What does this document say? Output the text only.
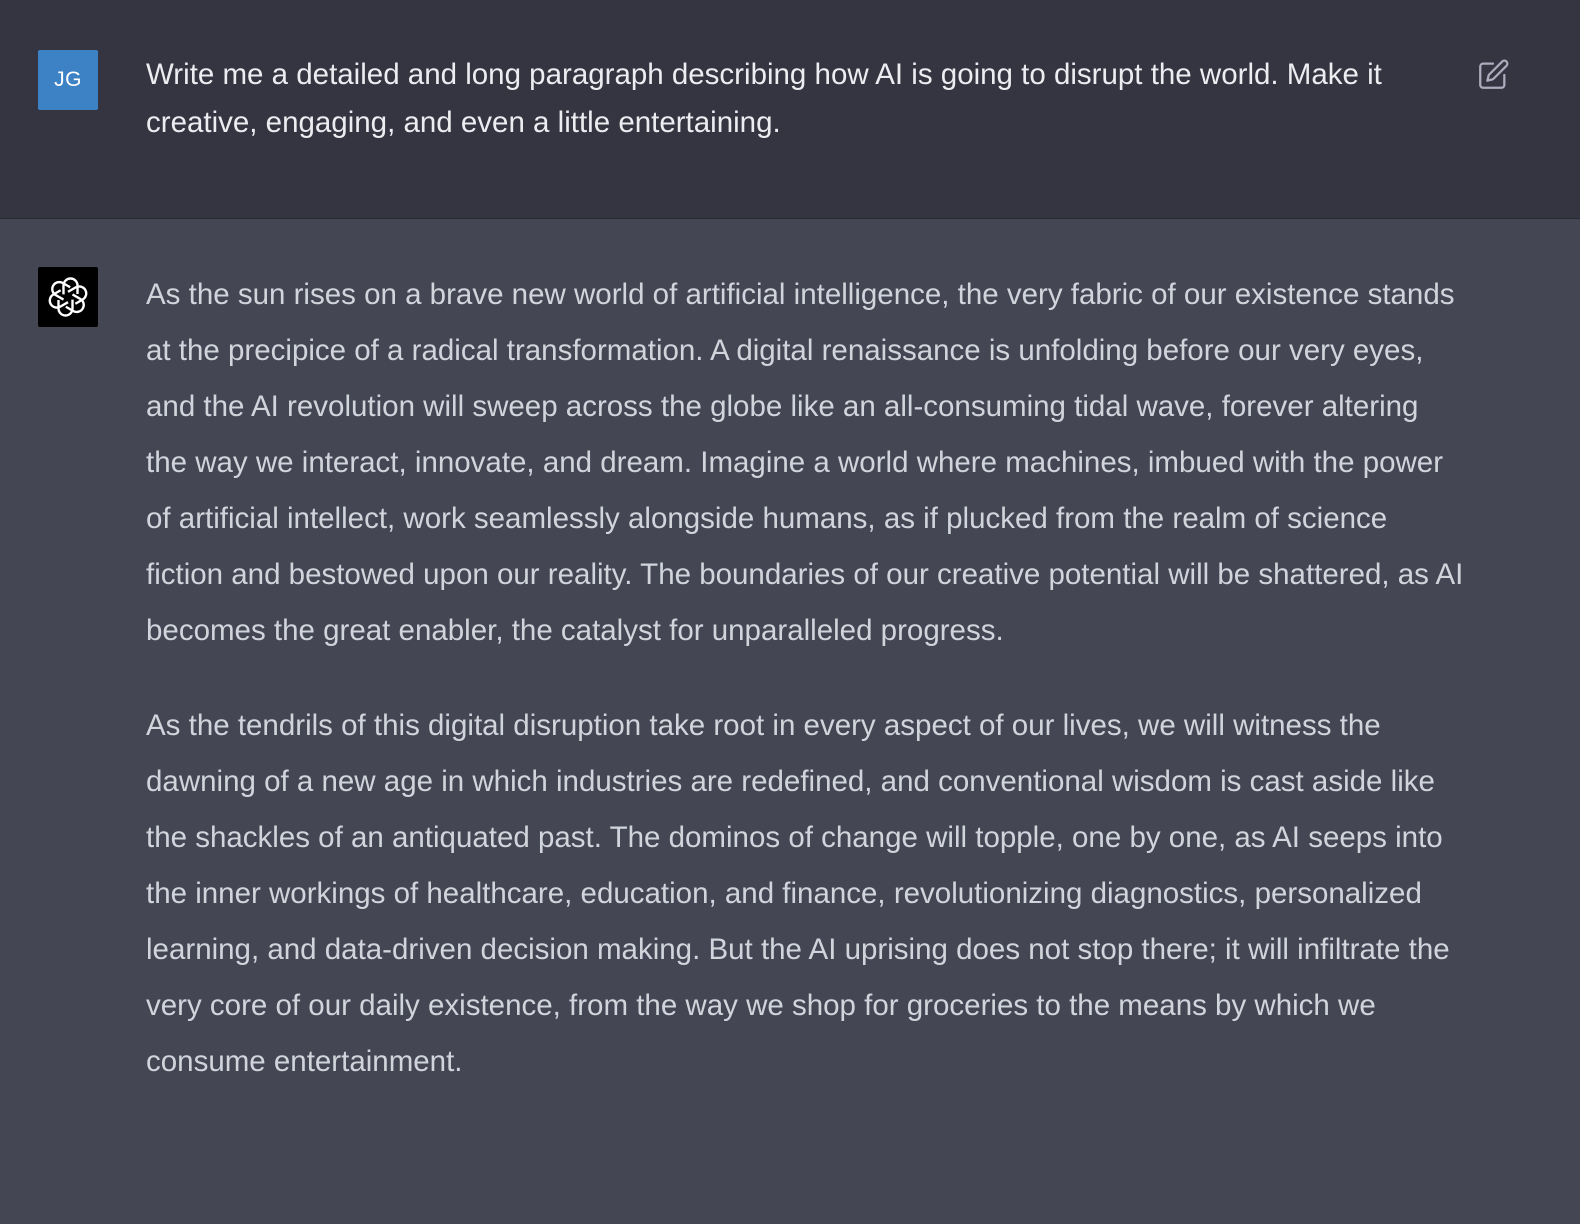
JG Write me a detailed and long paragraph describing how AI is going to disrupt the world. Make it creative, engaging, and even a little entertaining.

As the sun rises on a brave new world of artificial intelligence, the very fabric of our existence stands at the precipice of a radical transformation. A digital renaissance is unfolding before our very eyes, and the AI revolution will sweep across the globe like an all-consuming tidal wave, forever altering the way we interact, innovate, and dream. Imagine a world where machines, imbued with the power of artificial intellect, work seamlessly alongside humans, as if plucked from the realm of science fiction and bestowed upon our reality. The boundaries of our creative potential will be shattered, as AI becomes the great enabler, the catalyst for unparalleled progress.

As the tendrils of this digital disruption take root in every aspect of our lives, we will witness the dawning of a new age in which industries are redefined, and conventional wisdom is cast aside like the shackles of an antiquated past. The dominos of change will topple, one by one, as AI seeps into the inner workings of healthcare, education, and finance, revolutionizing diagnostics, personalized learning, and data-driven decision making. But the AI uprising does not stop there; it will infiltrate the very core of our daily existence, from the way we shop for groceries to the means by which we consume entertainment.
